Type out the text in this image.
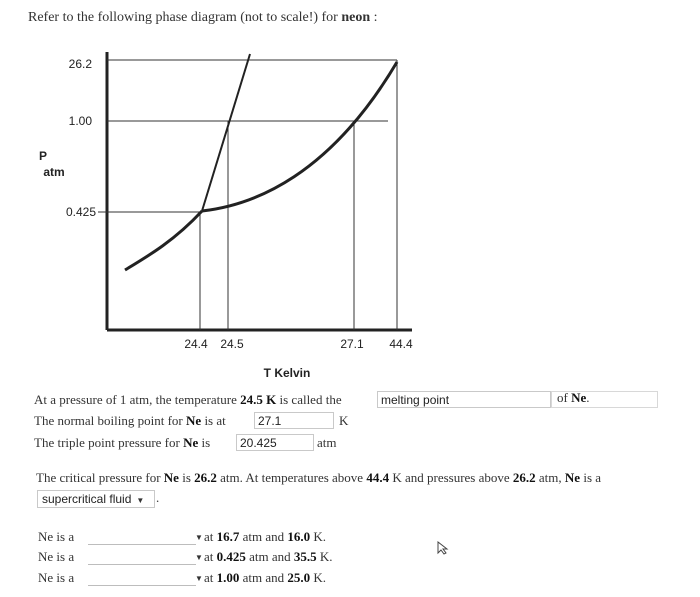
Refer to the following phase diagram (not to scale!) for neon :
26.2
1.00
0.425
P
atm
24.4 24.5	27.1 44.4
T Kelvin
At a pressure of 1 atm, the temperature 24.5 K is called the	melting point	of Ne.
The normal boiling point for Ne is at	27.1	K
The triple point pressure for Ne is	20.425	atm
The critical pressure for Ne is 26.2 atm. At temperatures above 44.4 K and pressures above 26.2 atm, Ne is a
supercritical fluid ▼ .
Ne is a	▼ at 16.7 atm and 16.0 K.
Ne is a	▼ at 0.425 atm and 35.5 K.
Ne is a	▼ at 1.00 atm and 25.0 K.
